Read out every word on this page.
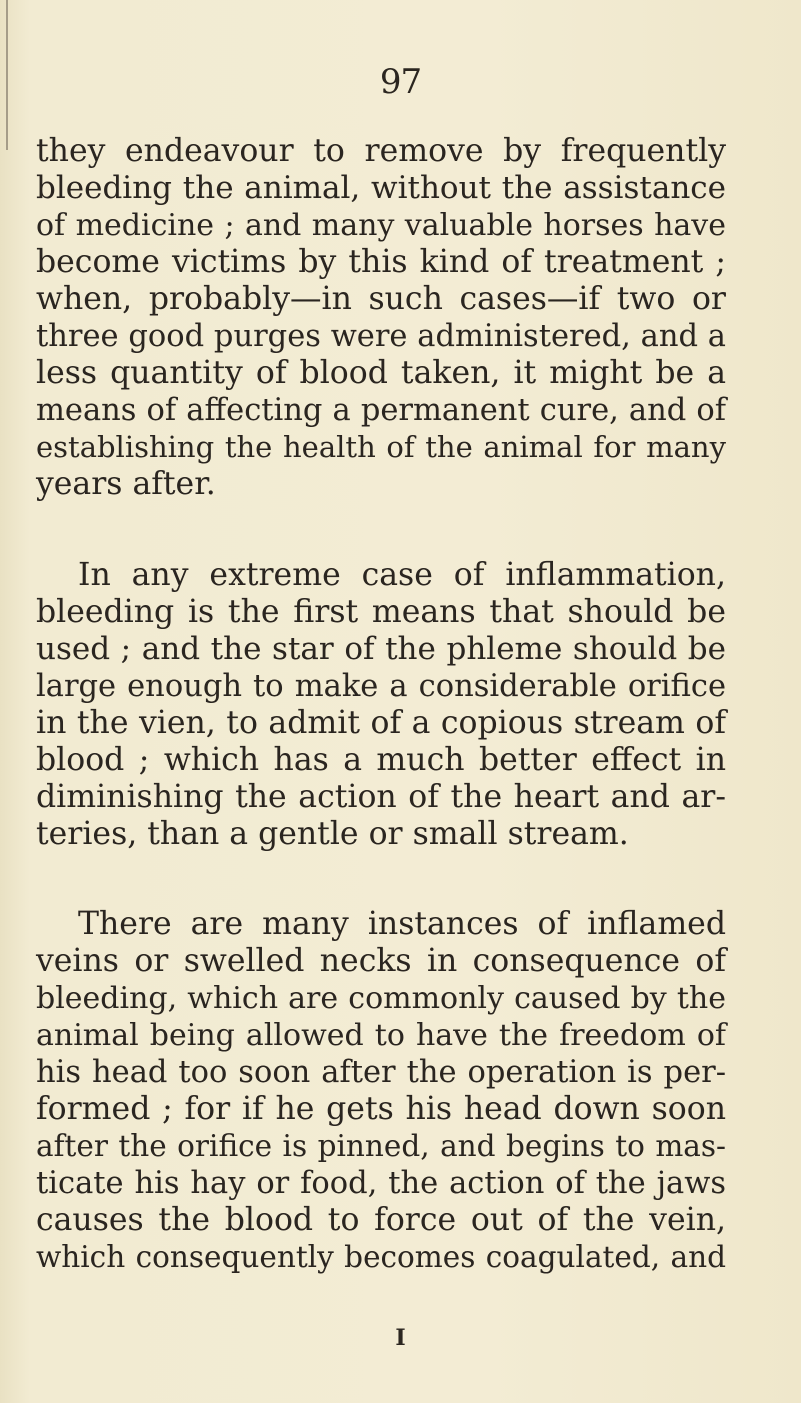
97
they endeavour to remove by frequently
bleeding the animal, without the assistance
of medicine ; and many valuable horses have
become victims by this kind of treatment ;
when, probably—in such cases—if two or
three good purges were administered, and a
less quantity of blood taken, it might be a
means of affecting a permanent cure, and of
establishing the health of the animal for many
years after.
In any extreme case of inflammation,
bleeding is the first means that should be
used ; and the star of the phleme should be
large enough to make a considerable orifice
in the vien, to admit of a copious stream of
blood ; which has a much better effect in
diminishing the action of the heart and ar-
teries, than a gentle or small stream.
There are many instances of inflamed
veins or swelled necks in consequence of
bleeding, which are commonly caused by the
animal being allowed to have the freedom of
his head too soon after the operation is per-
formed ; for if he gets his head down soon
after the orifice is pinned, and begins to mas-
ticate his hay or food, the action of the jaws
causes the blood to force out of the vein,
which consequently becomes coagulated, and
I
